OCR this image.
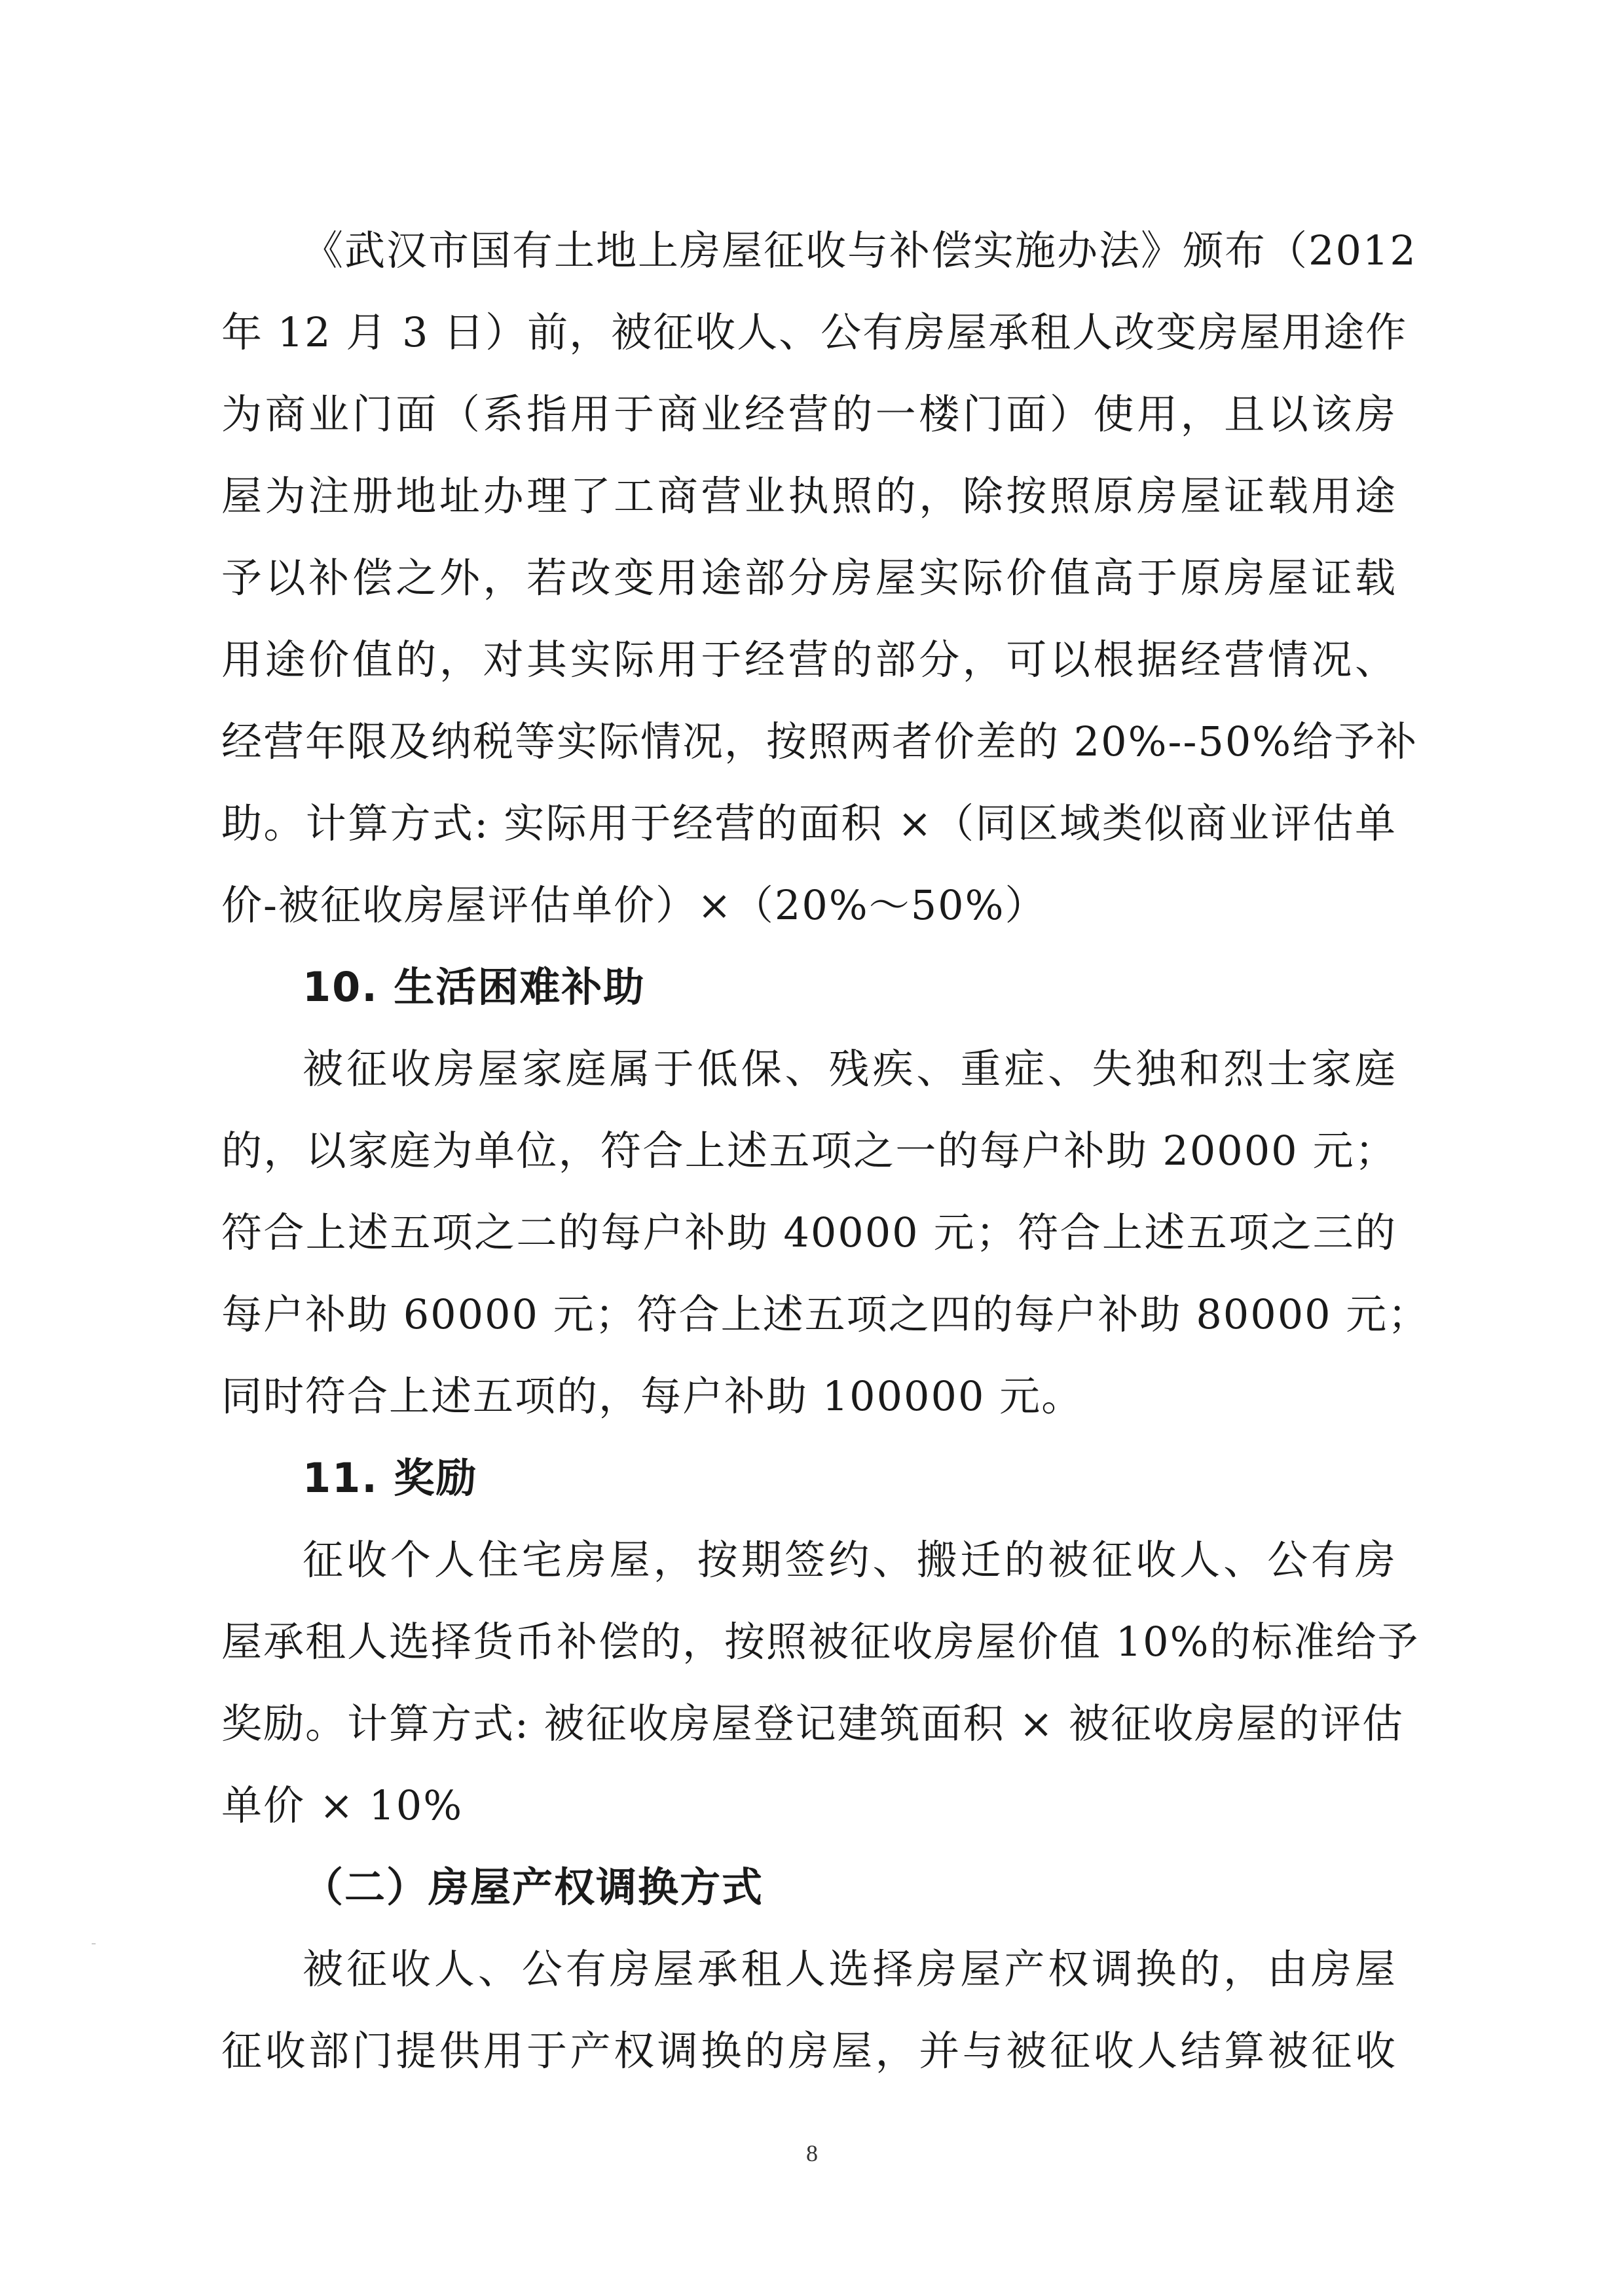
《武汉市国有土地上房屋征收与补偿实施办法》颁布（2012
年 12 月 3 日）前，被征收人、公有房屋承租人改变房屋用途作
为商业门面（系指用于商业经营的一楼门面）使用，且以该房
屋为注册地址办理了工商营业执照的，除按照原房屋证载用途
予以补偿之外，若改变用途部分房屋实际价值高于原房屋证载
用途价值的，对其实际用于经营的部分，可以根据经营情况、
经营年限及纳税等实际情况，按照两者价差的 20%--50%给予补
助。计算方式: 实际用于经营的面积 ×（同区域类似商业评估单
价-被征收房屋评估单价）×（20%～50%）
10. 生活困难补助
被征收房屋家庭属于低保、残疾、重症、失独和烈士家庭
的，以家庭为单位，符合上述五项之一的每户补助 20000 元；
符合上述五项之二的每户补助 40000 元；符合上述五项之三的
每户补助 60000 元；符合上述五项之四的每户补助 80000 元；
同时符合上述五项的，每户补助 100000 元。
11. 奖励
征收个人住宅房屋，按期签约、搬迁的被征收人、公有房
屋承租人选择货币补偿的，按照被征收房屋价值 10%的标准给予
奖励。计算方式: 被征收房屋登记建筑面积 × 被征收房屋的评估
单价 × 10%
（二）房屋产权调换方式
被征收人、公有房屋承租人选择房屋产权调换的，由房屋
征收部门提供用于产权调换的房屋，并与被征收人结算被征收
8
